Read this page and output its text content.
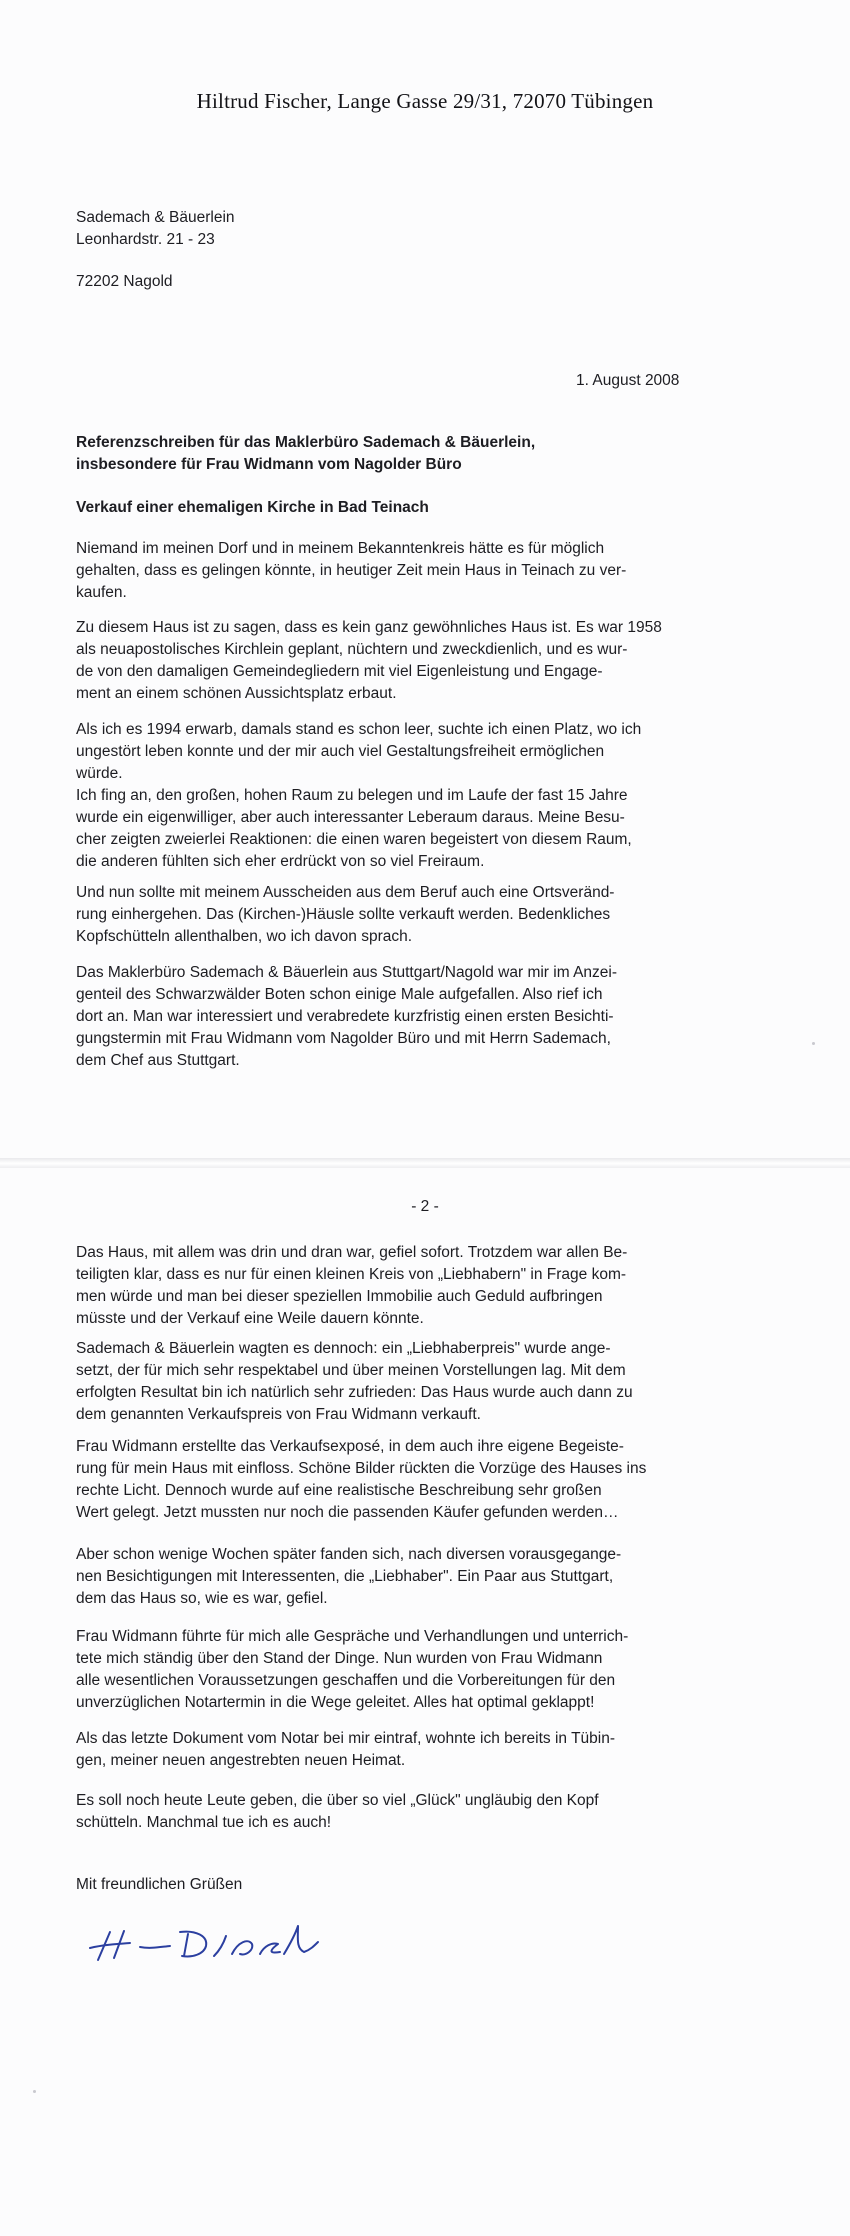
Hiltrud Fischer, Lange Gasse 29/31, 72070 Tübingen
Sademach & Bäuerlein
Leonhardstr. 21 - 23
72202 Nagold
1. August 2008
Referenzschreiben für das Maklerbüro Sademach & Bäuerlein,
insbesondere für Frau Widmann vom Nagolder Büro
Verkauf einer ehemaligen Kirche in Bad Teinach
Niemand im meinen Dorf und in meinem Bekanntenkreis hätte es für möglich
gehalten, dass es gelingen könnte, in heutiger Zeit mein Haus in Teinach zu ver-
kaufen.
Zu diesem Haus ist zu sagen, dass es kein ganz gewöhnliches Haus ist. Es war 1958
als neuapostolisches Kirchlein geplant, nüchtern und zweckdienlich, und es wur-
de von den damaligen Gemeindegliedern mit viel Eigenleistung und Engage-
ment an einem schönen Aussichtsplatz erbaut.
Als ich es 1994 erwarb, damals stand es schon leer, suchte ich einen Platz, wo ich
ungestört leben konnte und der mir auch viel Gestaltungsfreiheit ermöglichen
würde.
Ich fing an, den großen, hohen Raum zu belegen und im Laufe der fast 15 Jahre
wurde ein eigenwilliger, aber auch interessanter Leberaum daraus. Meine Besu-
cher zeigten zweierlei Reaktionen: die einen waren begeistert von diesem Raum,
die anderen fühlten sich eher erdrückt von so viel Freiraum.
Und nun sollte mit meinem Ausscheiden aus dem Beruf auch eine Ortsveränd-
rung einhergehen. Das (Kirchen-)Häusle sollte verkauft werden. Bedenkliches
Kopfschütteln allenthalben, wo ich davon sprach.
Das Maklerbüro Sademach & Bäuerlein aus Stuttgart/Nagold war mir im Anzei-
genteil des Schwarzwälder Boten schon einige Male aufgefallen. Also rief ich
dort an. Man war interessiert und verabredete kurzfristig einen ersten Besichti-
gungstermin mit Frau Widmann vom Nagolder Büro und mit Herrn Sademach,
dem Chef aus Stuttgart.
- 2 -
Das Haus, mit allem was drin und dran war, gefiel sofort. Trotzdem war allen Be-
teiligten klar, dass es nur für einen kleinen Kreis von „Liebhabern" in Frage kom-
men würde und man bei dieser speziellen Immobilie auch Geduld aufbringen
müsste und der Verkauf eine Weile dauern könnte.
Sademach & Bäuerlein wagten es dennoch: ein „Liebhaberpreis" wurde ange-
setzt, der für mich sehr respektabel und über meinen Vorstellungen lag. Mit dem
erfolgten Resultat bin ich natürlich sehr zufrieden: Das Haus wurde auch dann zu
dem genannten Verkaufspreis von Frau Widmann verkauft.
Frau Widmann erstellte das Verkaufsexposé, in dem auch ihre eigene Begeiste-
rung für mein Haus mit einfloss. Schöne Bilder rückten die Vorzüge des Hauses ins
rechte Licht. Dennoch wurde auf eine realistische Beschreibung sehr großen
Wert gelegt. Jetzt mussten nur noch die passenden Käufer gefunden werden…
Aber schon wenige Wochen später fanden sich, nach diversen vorausgegange-
nen Besichtigungen mit Interessenten, die „Liebhaber". Ein Paar aus Stuttgart,
dem das Haus so, wie es war, gefiel.
Frau Widmann führte für mich alle Gespräche und Verhandlungen und unterrich-
tete mich ständig über den Stand der Dinge. Nun wurden von Frau Widmann
alle wesentlichen Voraussetzungen geschaffen und die Vorbereitungen für den
unverzüglichen Notartermin in die Wege geleitet. Alles hat optimal geklappt!
Als das letzte Dokument vom Notar bei mir eintraf, wohnte ich bereits in Tübin-
gen, meiner neuen angestrebten neuen Heimat.
Es soll noch heute Leute geben, die über so viel „Glück" ungläubig den Kopf
schütteln. Manchmal tue ich es auch!
Mit freundlichen Grüßen
